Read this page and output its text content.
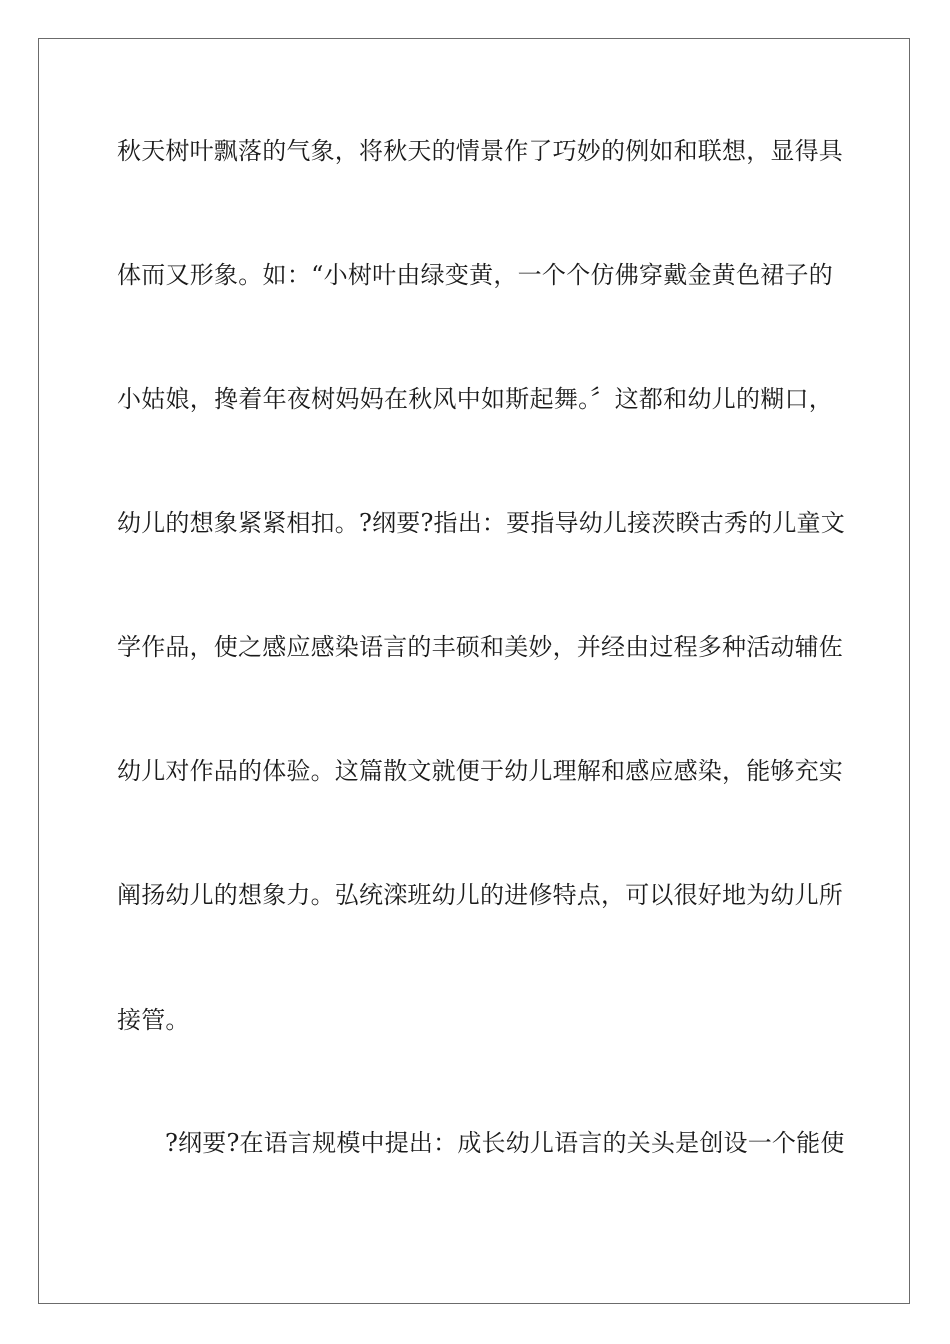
秋天树叶飘落的气象，将秋天的情景作了巧妙的例如和联想，显得具
体而又形象。如：“小树叶由绿变黄，一个个仿佛穿戴金黄色裙子的
小姑娘，搀着年夜树妈妈在秋风中如斯起舞。〞这都和幼儿的糊口，
幼儿的想象紧紧相扣。?纲要?指出：要指导幼儿接茨睽古秀的儿童文
学作品，使之感应感染语言的丰硕和美妙，并经由过程多种活动辅佐
幼儿对作品的体验。这篇散文就便于幼儿理解和感应感染，能够充实
阐扬幼儿的想象力。弘统滦班幼儿的进修特点，可以很好地为幼儿所
接管。
?纲要?在语言规模中提出：成长幼儿语言的关头是创设一个能使
